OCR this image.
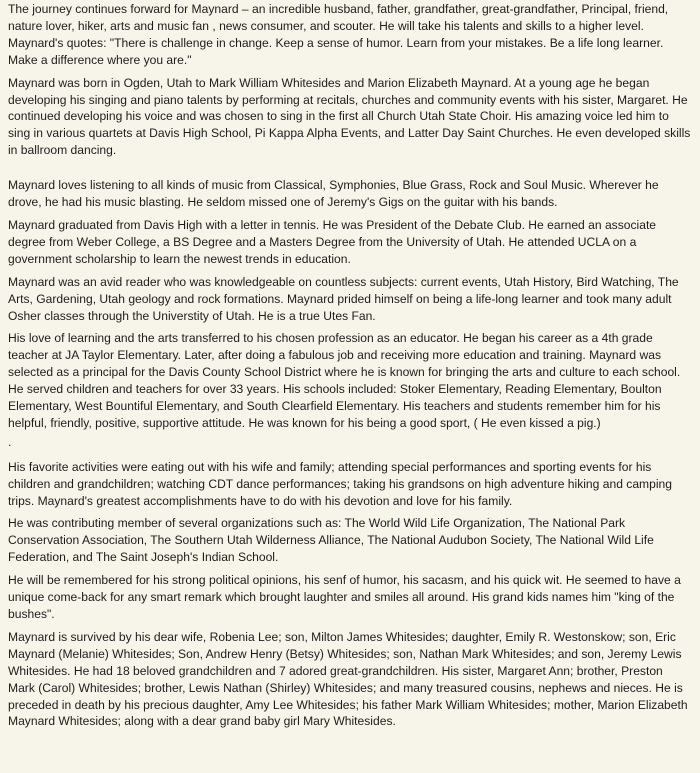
The journey continues forward for Maynard – an incredible husband, father, grandfather, great-grandfather, Principal, friend, nature lover, hiker, arts and music fan , news consumer, and scouter. He will take his talents and skills to a higher level. Maynard's quotes: "There is challenge in change. Keep a sense of humor. Learn from your mistakes. Be a life long learner. Make a difference where you are."

Maynard was born in Ogden, Utah to Mark William Whitesides and Marion Elizabeth Maynard. At a young age he began developing his singing and piano talents by performing at recitals, churches and community events with his sister, Margaret. He continued developing his voice and was chosen to sing in the first all Church Utah State Choir. His amazing voice led him to sing in various quartets at Davis High School, Pi Kappa Alpha Events, and Latter Day Saint Churches. He even developed skills in ballroom dancing.

Maynard loves listening to all kinds of music from Classical, Symphonies, Blue Grass, Rock and Soul Music. Wherever he drove, he had his music blasting. He seldom missed one of Jeremy's Gigs on the guitar with his bands.

Maynard graduated from Davis High with a letter in tennis. He was President of the Debate Club. He earned an associate degree from Weber College, a BS Degree and a Masters Degree from the University of Utah. He attended UCLA on a government scholarship to learn the newest trends in education.

Maynard was an avid reader who was knowledgeable on countless subjects: current events, Utah History, Bird Watching, The Arts, Gardening, Utah geology and rock formations. Maynard prided himself on being a life-long learner and took many adult Osher classes through the Universtity of Utah. He is a true Utes Fan.

His love of learning and the arts transferred to his chosen profession as an educator. He began his career as a 4th grade teacher at JA Taylor Elementary. Later, after doing a fabulous job and receiving more education and training. Maynard was selected as a principal for the Davis County School District where he is known for bringing the arts and culture to each school. He served children and teachers for over 33 years. His schools included: Stoker Elementary, Reading Elementary, Boulton Elementary, West Bountiful Elementary, and South Clearfield Elementary. His teachers and students remember him for his helpful, friendly, positive, supportive attitude. He was known for his being a good sport, ( He even kissed a pig.)

.

His favorite activities were eating out with his wife and family; attending special performances and sporting events for his children and grandchildren; watching CDT dance performances; taking his grandsons on high adventure hiking and camping trips. Maynard's greatest accomplishments have to do with his devotion and love for his family.

He was contributing member of several organizations such as: The World Wild Life Organization, The National Park Conservation Association, The Southern Utah Wilderness Alliance, The National Audubon Society, The National Wild Life Federation, and The Saint Joseph's Indian School.

He will be remembered for his strong political opinions, his senf of humor, his sacasm, and his quick wit. He seemed to have a unique come-back for any smart remark which brought laughter and smiles all around. His grand kids names him "king of the bushes".

Maynard is survived by his dear wife, Robenia Lee; son, Milton James Whitesides; daughter, Emily R. Westonskow; son, Eric Maynard (Melanie) Whitesides; Son, Andrew Henry (Betsy) Whitesides; son, Nathan Mark Whitesides; and son, Jeremy Lewis Whitesides. He had 18 beloved grandchildren and 7 adored great-grandchildren. His sister, Margaret Ann; brother, Preston Mark (Carol) Whitesides; brother, Lewis Nathan (Shirley) Whitesides; and many treasured cousins, nephews and nieces. He is preceded in death by his precious daughter, Amy Lee Whitesides; his father Mark William Whitesides; mother, Marion Elizabeth Maynard Whitesides; along with a dear grand baby girl Mary Whitesides.
